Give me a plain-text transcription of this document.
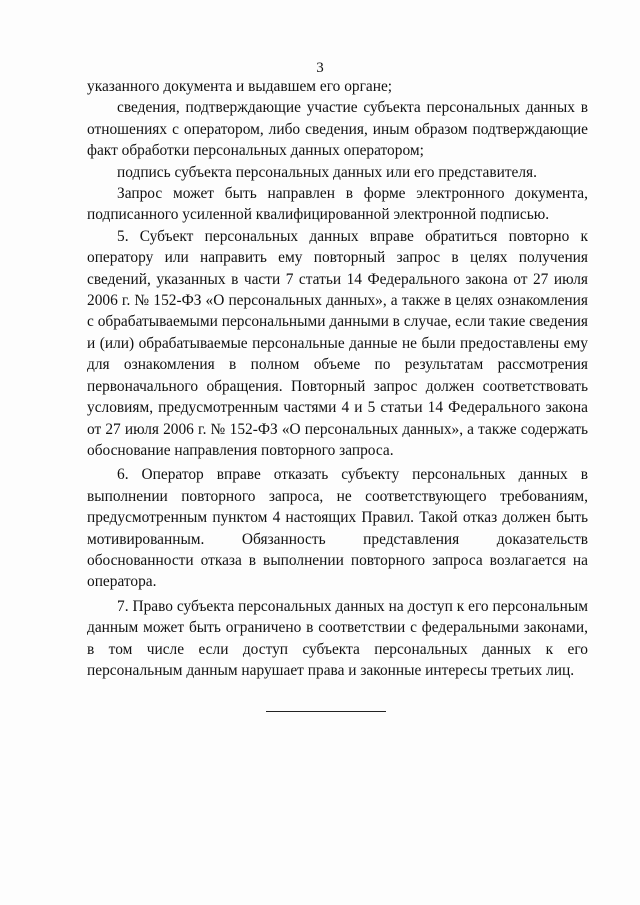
3

указанного документа и выдавшем его органе;

сведения, подтверждающие участие субъекта персональных данных в отношениях с оператором, либо сведения, иным образом подтверждающие факт обработки персональных данных оператором;

подпись субъекта персональных данных или его представителя.

Запрос может быть направлен в форме электронного документа, подписанного усиленной квалифицированной электронной подписью.

5. Субъект персональных данных вправе обратиться повторно к оператору или направить ему повторный запрос в целях получения сведений, указанных в части 7 статьи 14 Федерального закона от 27 июля 2006 г. № 152-ФЗ «О персональных данных», а также в целях ознакомления с обрабатываемыми персональными данными в случае, если такие сведения и (или) обрабатываемые персональные данные не были предоставлены ему для ознакомления в полном объеме по результатам рассмотрения первоначального обращения. Повторный запрос должен соответствовать условиям, предусмотренным частями 4 и 5 статьи 14 Федерального закона от 27 июля 2006 г. № 152-ФЗ «О персональных данных», а также содержать обоснование направления повторного запроса.

6. Оператор вправе отказать субъекту персональных данных в выполнении повторного запроса, не соответствующего требованиям, предусмотренным пунктом 4 настоящих Правил. Такой отказ должен быть мотивированным. Обязанность представления доказательств обоснованности отказа в выполнении повторного запроса возлагается на оператора.

7. Право субъекта персональных данных на доступ к его персональным данным может быть ограничено в соответствии с федеральными законами, в том числе если доступ субъекта персональных данных к его персональным данным нарушает права и законные интересы третьих лиц.
